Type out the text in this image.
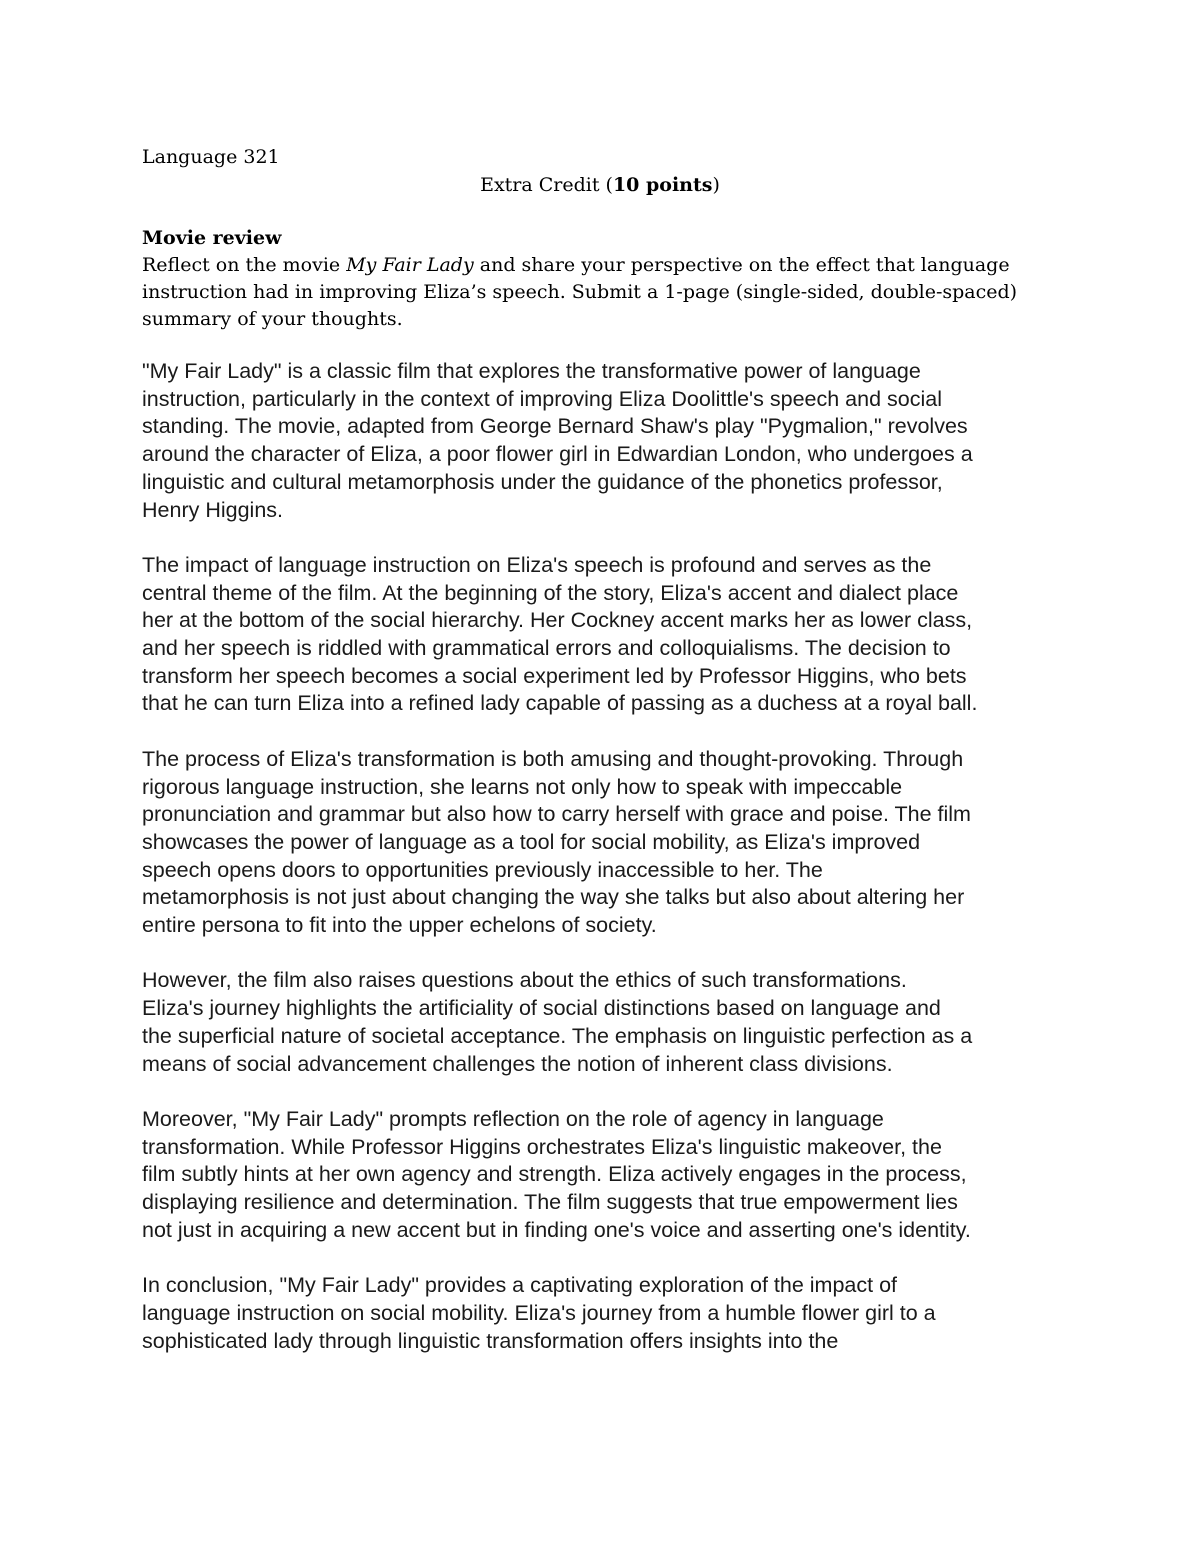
Language 321
Extra Credit (10 points)
Movie review
Reflect on the movie My Fair Lady and share your perspective on the effect that language
instruction had in improving Eliza’s speech. Submit a 1-page (single-sided, double-spaced)
summary of your thoughts.

"My Fair Lady" is a classic film that explores the transformative power of language
instruction, particularly in the context of improving Eliza Doolittle's speech and social
standing. The movie, adapted from George Bernard Shaw's play "Pygmalion," revolves
around the character of Eliza, a poor flower girl in Edwardian London, who undergoes a
linguistic and cultural metamorphosis under the guidance of the phonetics professor,
Henry Higgins.

The impact of language instruction on Eliza's speech is profound and serves as the
central theme of the film. At the beginning of the story, Eliza's accent and dialect place
her at the bottom of the social hierarchy. Her Cockney accent marks her as lower class,
and her speech is riddled with grammatical errors and colloquialisms. The decision to
transform her speech becomes a social experiment led by Professor Higgins, who bets
that he can turn Eliza into a refined lady capable of passing as a duchess at a royal ball.

The process of Eliza's transformation is both amusing and thought-provoking. Through
rigorous language instruction, she learns not only how to speak with impeccable
pronunciation and grammar but also how to carry herself with grace and poise. The film
showcases the power of language as a tool for social mobility, as Eliza's improved
speech opens doors to opportunities previously inaccessible to her. The
metamorphosis is not just about changing the way she talks but also about altering her
entire persona to fit into the upper echelons of society.

However, the film also raises questions about the ethics of such transformations.
Eliza's journey highlights the artificiality of social distinctions based on language and
the superficial nature of societal acceptance. The emphasis on linguistic perfection as a
means of social advancement challenges the notion of inherent class divisions.

Moreover, "My Fair Lady" prompts reflection on the role of agency in language
transformation. While Professor Higgins orchestrates Eliza's linguistic makeover, the
film subtly hints at her own agency and strength. Eliza actively engages in the process,
displaying resilience and determination. The film suggests that true empowerment lies
not just in acquiring a new accent but in finding one's voice and asserting one's identity.

In conclusion, "My Fair Lady" provides a captivating exploration of the impact of
language instruction on social mobility. Eliza's journey from a humble flower girl to a
sophisticated lady through linguistic transformation offers insights into the
